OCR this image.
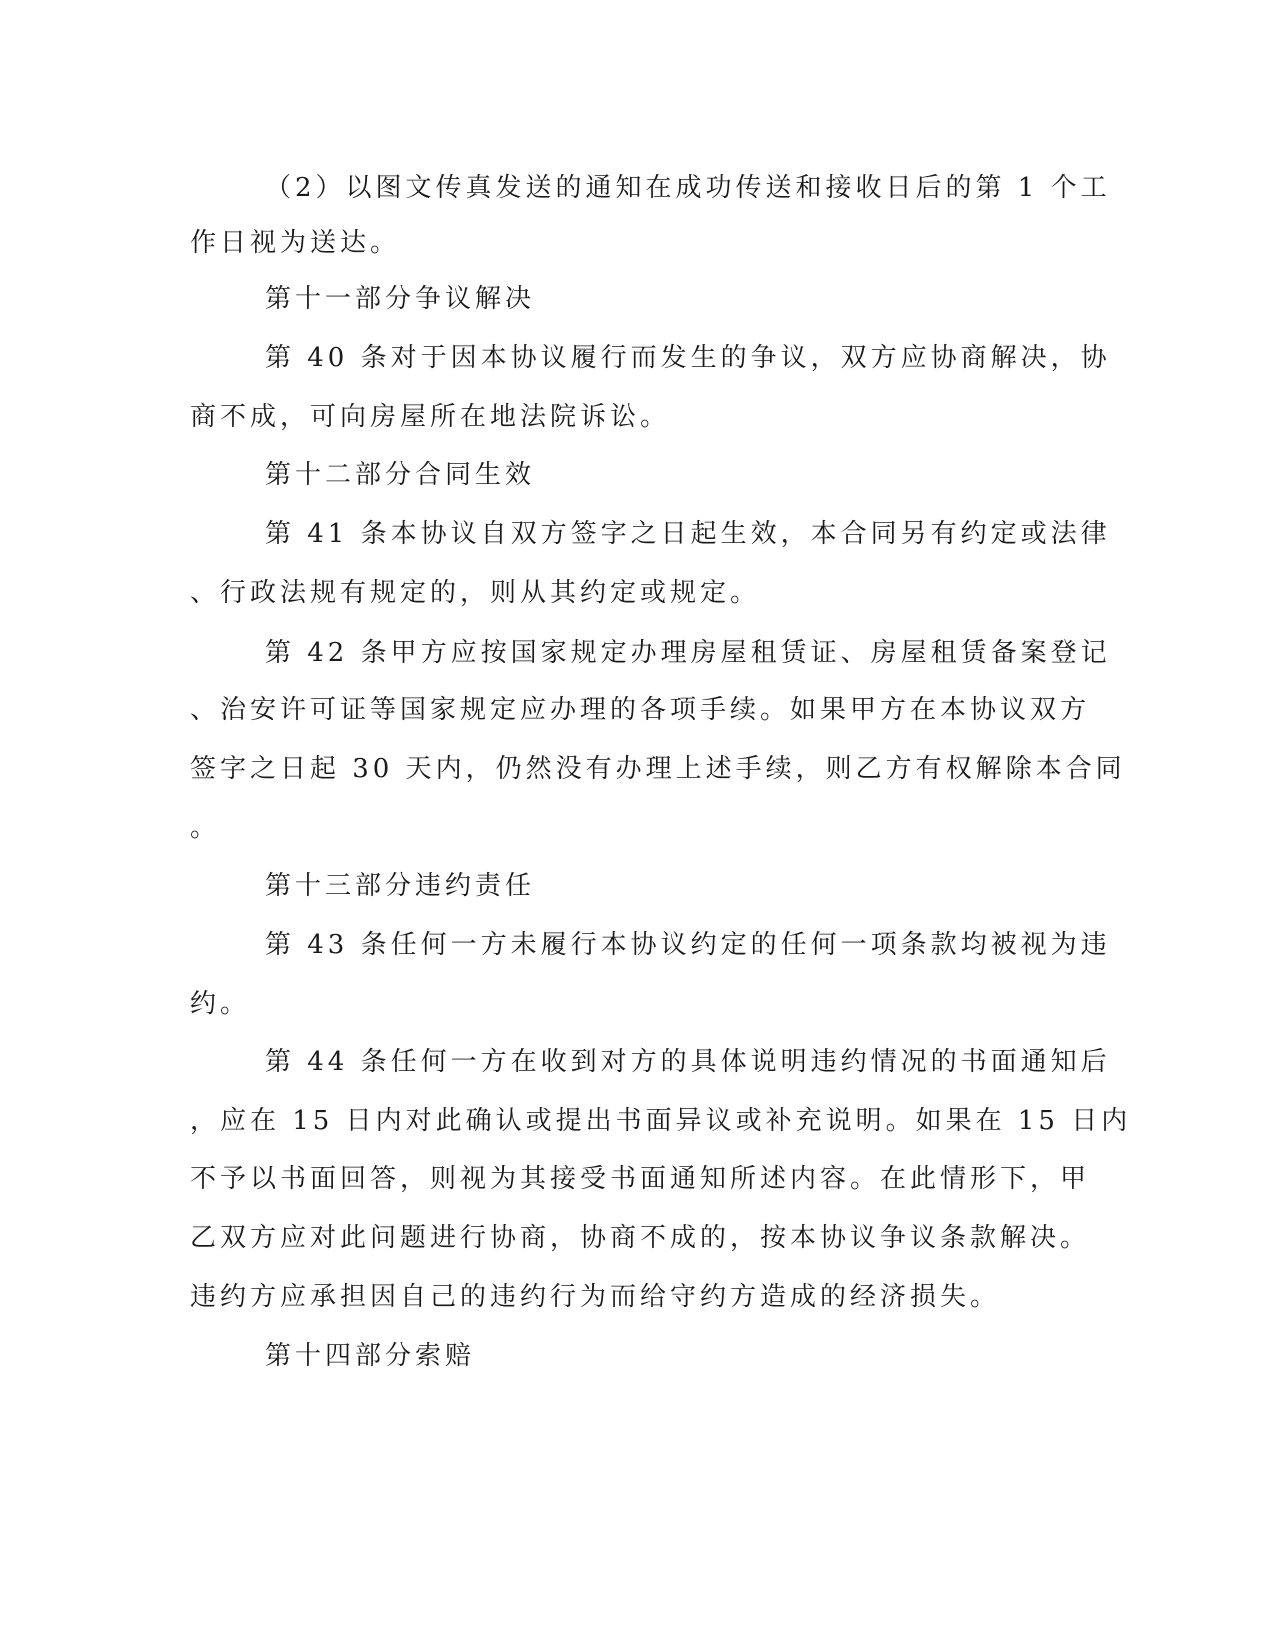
（2）以图文传真发送的通知在成功传送和接收日后的第 1 个工
作日视为送达。
第十一部分争议解决
第 40 条对于因本协议履行而发生的争议，双方应协商解决，协
商不成，可向房屋所在地法院诉讼。
第十二部分合同生效
第 41 条本协议自双方签字之日起生效，本合同另有约定或法律
、行政法规有规定的，则从其约定或规定。
第 42 条甲方应按国家规定办理房屋租赁证、房屋租赁备案登记
、治安许可证等国家规定应办理的各项手续。如果甲方在本协议双方
签字之日起 30 天内，仍然没有办理上述手续，则乙方有权解除本合同
。
第十三部分违约责任
第 43 条任何一方未履行本协议约定的任何一项条款均被视为违
约。
第 44 条任何一方在收到对方的具体说明违约情况的书面通知后
，应在 15 日内对此确认或提出书面异议或补充说明。如果在 15 日内
不予以书面回答，则视为其接受书面通知所述内容。在此情形下，甲
乙双方应对此问题进行协商，协商不成的，按本协议争议条款解决。
违约方应承担因自己的违约行为而给守约方造成的经济损失。
第十四部分索赔
